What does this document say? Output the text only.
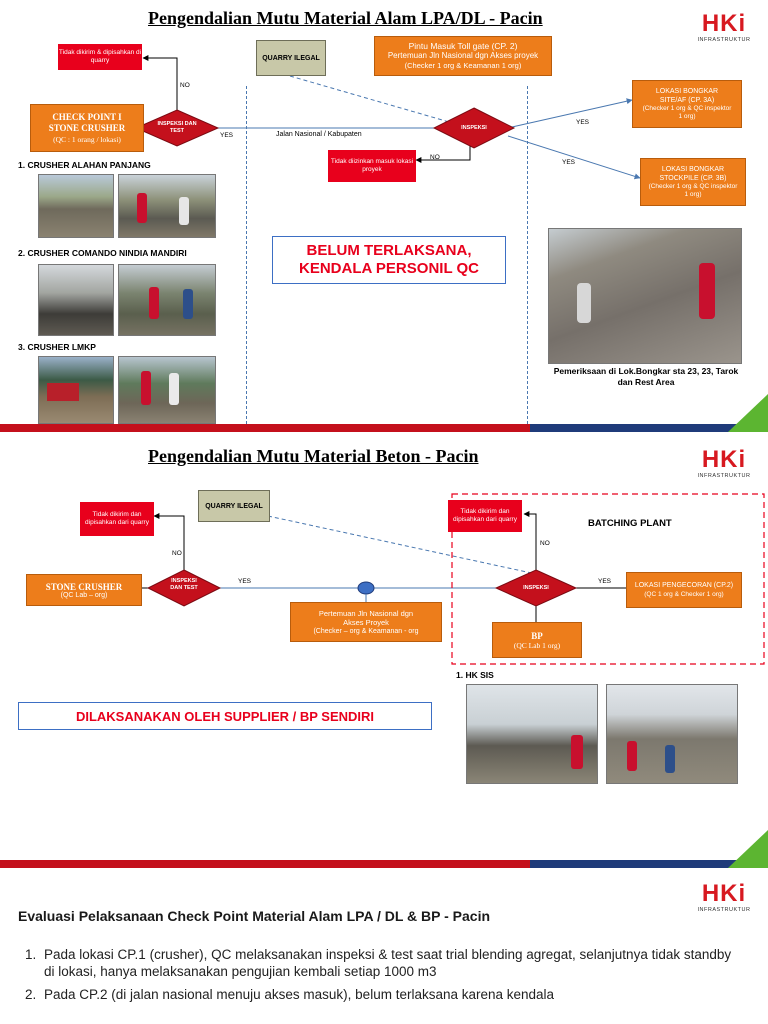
Pengendalian Mutu Material Alam LPA/DL - Pacin	HKi
INFRASTRUKTUR
Tidak dikirim & dipisahkan di quarry
NO
CHECK POINT I STONE CRUSHER
(QC : 1 orang / lokasi)
INSPEKSI DAN TEST
YES
QUARRY ILEGAL
Pintu Masuk Toll gate (CP. 2)
Pertemuan Jln Nasional dgn Akses proyek
(Checker 1 org & Keamanan 1 org)
Jalan Nasional / Kabupaten
INSPEKSI
NO
Tidak diizinkan masuk lokasi proyek
YES
YES
LOKASI BONGKAR SITE/AF (CP. 3A)
(Checker 1 org & QC inspektor 1 org)
LOKASI BONGKAR STOCKPILE (CP. 3B)
(Checker 1 org & QC inspektor 1 org)
1. CRUSHER ALAHAN PANJANG
2. CRUSHER COMANDO NINDIA MANDIRI
3. CRUSHER LMKP
BELUM TERLAKSANA,
KENDALA PERSONIL QC
Pemeriksaan di Lok.Bongkar sta 23, 23, Tarok dan Rest Area
Pengendalian Mutu Material Beton - Pacin	HKi
INFRASTRUKTUR
QUARRY ILEGAL
Tidak dikirim dan dipisahkan dari quarry
NO
STONE CRUSHER
(QC Lab – org)
INSPEKSI DAN TEST
YES
Pertemuan Jln Nasional dgn
Akses Proyek
(Checker – org & Keamanan - org
Tidak dikirim dan dipisahkan dari quarry
NO
BATCHING PLANT
INSPEKSI
YES
LOKASI PENGECORAN (CP.2)
(QC 1 org & Checker 1 org)
BP
(QC Lab 1 org)
1. HK SIS
DILAKSANAKAN OLEH SUPPLIER / BP SENDIRI
HKi
INFRASTRUKTUR
Evaluasi Pelaksanaan Check Point Material Alam LPA / DL & BP - Pacin
1. Pada lokasi CP.1 (crusher), QC melaksanakan inspeksi & test saat trial blending agregat, selanjutnya tidak standby di lokasi, hanya melaksanakan pengujian kembali setiap 1000 m3
2. Pada CP.2 (di jalan nasional menuju akses masuk), belum terlaksana karena kendala
